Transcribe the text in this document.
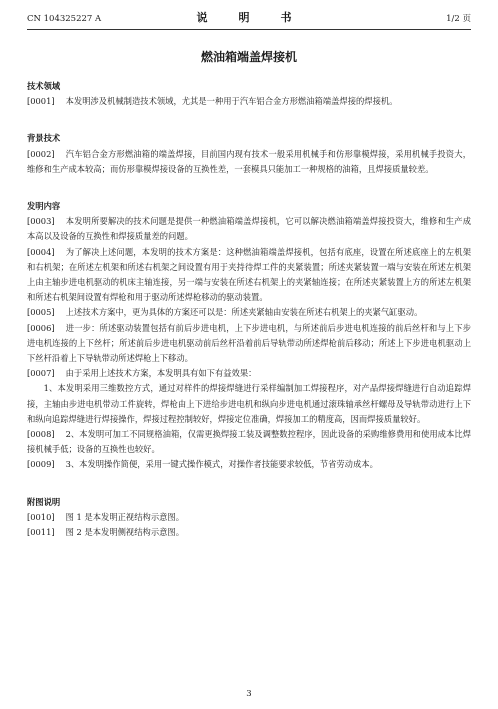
CN 104325227 A	说　明　书	1/2 页
燃油箱端盖焊接机

技术领域

[0001] 本发明涉及机械制造技术领域，尤其是一种用于汽车铝合金方形燃油箱端盖焊接的焊接机。

背景技术

[0002] 汽车铝合金方形燃油箱的端盖焊接，目前国内现有技术一般采用机械手和仿形靠模焊接，采用机械手投资大，维修和生产成本较高；而仿形靠模焊接设备的互换性差，一套模具只能加工一种规格的油箱，且焊接质量较差。

发明内容

[0003] 本发明所要解决的技术问题是提供一种燃油箱端盖焊接机，它可以解决燃油箱端盖焊接投资大，维修和生产成本高以及设备的互换性和焊接质量差的问题。

[0004] 为了解决上述问题，本发明的技术方案是：这种燃油箱端盖焊接机，包括有底座，设置在所述底座上的左机架和右机架；在所述左机架和所述右机架之间设置有用于夹持待焊工件的夹紧装置；所述夹紧装置一端与安装在所述左机架上由主轴步进电机驱动的机床主轴连接，另一端与安装在所述右机架上的夹紧轴连接；在所述夹紧装置上方的所述左机架和所述右机架间设置有焊枪和用于驱动所述焊枪移动的驱动装置。

[0005] 上述技术方案中，更为具体的方案还可以是：所述夹紧轴由安装在所述右机架上的夹紧气缸驱动。

[0006] 进一步：所述驱动装置包括有前后步进电机，上下步进电机，与所述前后步进电机连接的前后丝杆和与上下步进电机连接的上下丝杆；所述前后步进电机驱动前后丝杆沿着前后导轨带动所述焊枪前后移动；所述上下步进电机驱动上下丝杆沿着上下导轨带动所述焊枪上下移动。

[0007] 由于采用上述技术方案，本发明具有如下有益效果：

1、本发明采用三维数控方式，通过对样件的焊接焊缝进行采样编制加工焊接程序，对产品焊接焊缝进行自动追踪焊接，主轴由步进电机带动工件旋转，焊枪由上下进给步进电机和纵向步进电机通过滚珠轴承丝杆螺母及导轨带动进行上下和纵向追踪焊缝进行焊接操作，焊接过程控制较好，焊接定位准确，焊接加工的精度高，因而焊接质量较好。

[0008] 2、本发明可加工不同规格油箱，仅需更换焊接工装及调整数控程序，因此设备的采购维修费用和使用成本比焊接机械手低；设备的互换性也较好。

[0009] 3、本发明操作简便，采用一键式操作模式，对操作者技能要求较低，节省劳动成本。

附图说明

[0010] 图 1 是本发明正视结构示意图。

[0011] 图 2 是本发明侧视结构示意图。

3
